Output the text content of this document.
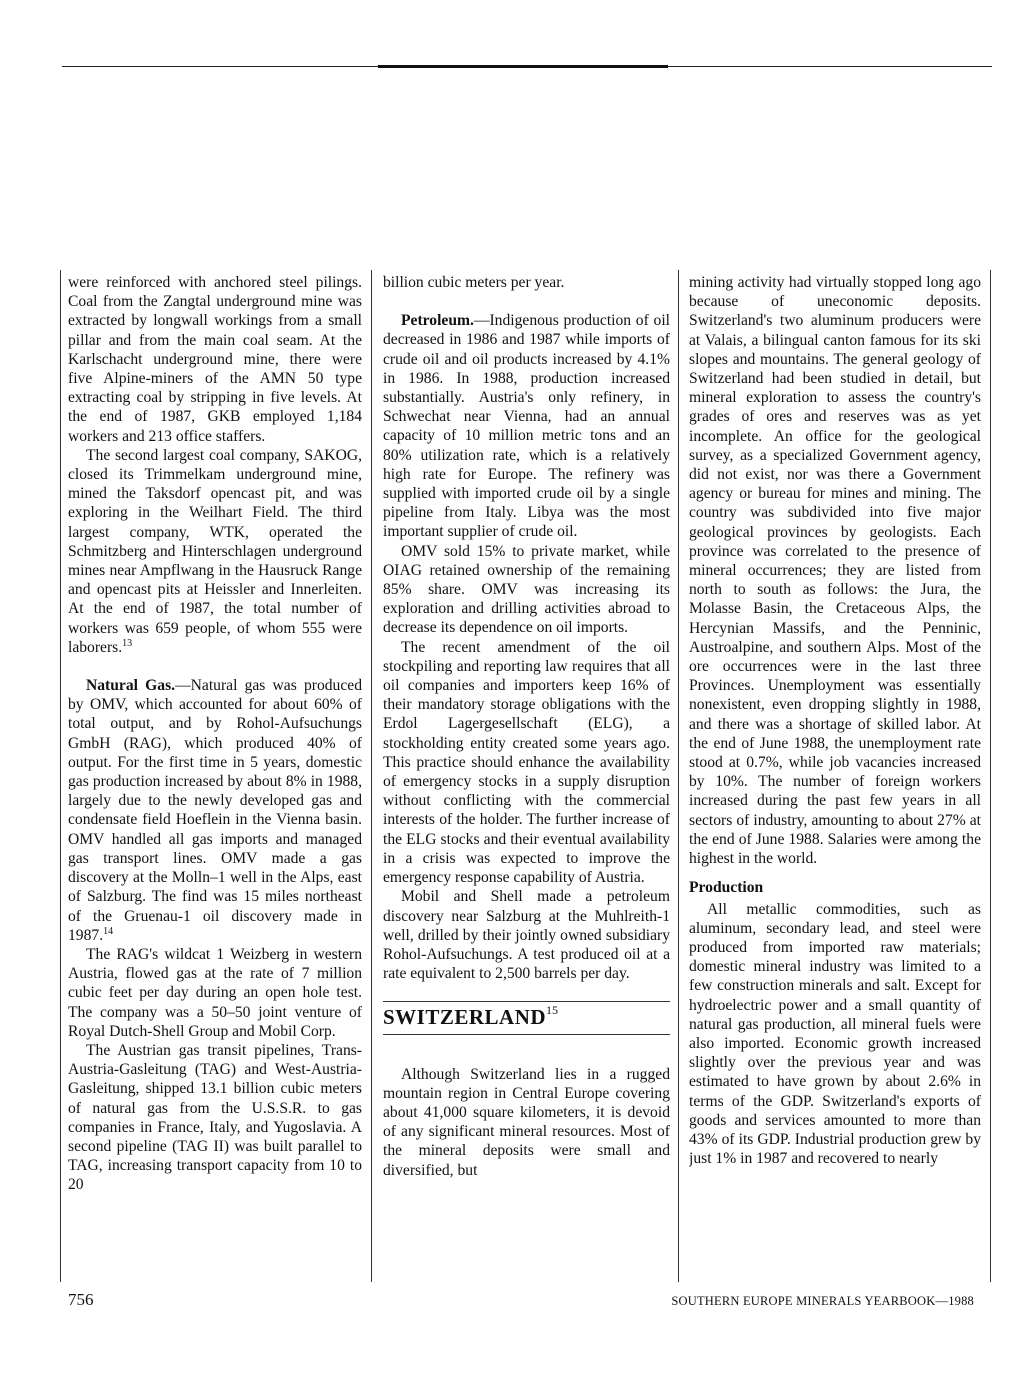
were reinforced with anchored steel pilings. Coal from the Zangtal underground mine was extracted by longwall workings from a small pillar and from the main coal seam. At the Karlschacht underground mine, there were five Alpine-miners of the AMN 50 type extracting coal by stripping in five levels. At the end of 1987, GKB employed 1,184 workers and 213 office staffers.

The second largest coal company, SAKOG, closed its Trimmelkam underground mine, mined the Taksdorf opencast pit, and was exploring in the Weilhart Field. The third largest company, WTK, operated the Schmitzberg and Hinterschlagen underground mines near Ampflwang in the Hausruck Range and opencast pits at Heissler and Innerleiten. At the end of 1987, the total number of workers was 659 people, of whom 555 were laborers.$^{13}$

Natural Gas.—Natural gas was produced by OMV, which accounted for about 60% of total output, and by Rohol-Aufsuchungs GmbH (RAG), which produced 40% of output. For the first time in 5 years, domestic gas production increased by about 8% in 1988, largely due to the newly developed gas and condensate field Hoeflein in the Vienna basin. OMV handled all gas imports and managed gas transport lines. OMV made a gas discovery at the Molln–1 well in the Alps, east of Salzburg. The find was 15 miles northeast of the Gruenau-1 oil discovery made in 1987.14

The RAG's wildcat 1 Weizberg in western Austria, flowed gas at the rate of 7 million cubic feet per day during an open hole test. The company was a 50–50 joint venture of Royal Dutch-Shell Group and Mobil Corp.

The Austrian gas transit pipelines, Trans-Austria-Gasleitung (TAG) and West-Austria-Gasleitung, shipped 13.1 billion cubic meters of natural gas from the U.S.S.R. to gas companies in France, Italy, and Yugoslavia. A second pipeline (TAG II) was built parallel to TAG, increasing transport capacity from 10 to 20

billion cubic meters per year.

Petroleum.—Indigenous production of oil decreased in 1986 and 1987 while imports of crude oil and oil products increased by 4.1% in 1986. In 1988, production increased substantially. Austria's only refinery, in Schwechat near Vienna, had an annual capacity of 10 million metric tons and an 80% utilization rate, which is a relatively high rate for Europe. The refinery was supplied with imported crude oil by a single pipeline from Italy. Libya was the most important supplier of crude oil.

OMV sold 15% to private market, while OIAG retained ownership of the remaining 85% share. OMV was increasing its exploration and drilling activities abroad to decrease its dependence on oil imports.

The recent amendment of the oil stockpiling and reporting law requires that all oil companies and importers keep 16% of their mandatory storage obligations with the Erdol Lagergesellschaft (ELG), a stockholding entity created some years ago. This practice should enhance the availability of emergency stocks in a supply disruption without conflicting with the commercial interests of the holder. The further increase of the ELG stocks and their eventual availability in a crisis was expected to improve the emergency response capability of Austria.

Mobil and Shell made a petroleum discovery near Salzburg at the Muhlreith-1 well, drilled by their jointly owned subsidiary Rohol-Aufsuchungs. A test produced oil at a rate equivalent to 2,500 barrels per day.

SWITZERLAND$^{15}$

Although Switzerland lies in a rugged mountain region in Central Europe covering about 41,000 square kilometers, it is devoid of any significant mineral resources. Most of the mineral deposits were small and diversified, but

mining activity had virtually stopped long ago because of uneconomic deposits. Switzerland's two aluminum producers were at Valais, a bilingual canton famous for its ski slopes and mountains. The general geology of Switzerland had been studied in detail, but mineral exploration to assess the country's grades of ores and reserves was as yet incomplete. An office for the geological survey, as a specialized Government agency, did not exist, nor was there a Government agency or bureau for mines and mining. The country was subdivided into five major geological provinces by geologists. Each province was correlated to the presence of mineral occurrences; they are listed from north to south as follows: the Jura, the Molasse Basin, the Cretaceous Alps, the Hercynian Massifs, and the Penninic, Austroalpine, and southern Alps. Most of the ore occurrences were in the last three Provinces. Unemployment was essentially nonexistent, even dropping slightly in 1988, and there was a shortage of skilled labor. At the end of June 1988, the unemployment rate stood at 0.7%, while job vacancies increased by 10%. The number of foreign workers increased during the past few years in all sectors of industry, amounting to about 27% at the end of June 1988. Salaries were among the highest in the world.

Production

All metallic commodities, such as aluminum, secondary lead, and steel were produced from imported raw materials; domestic mineral industry was limited to a few construction minerals and salt. Except for hydroelectric power and a small quantity of natural gas production, all mineral fuels were also imported. Economic growth increased slightly over the previous year and was estimated to have grown by about 2.6% in terms of the GDP. Switzerland's exports of goods and services amounted to more than 43% of its GDP. Industrial production grew by just 1% in 1987 and recovered to nearly

756	SOUTHERN EUROPE MINERALS YEARBOOK—1988
